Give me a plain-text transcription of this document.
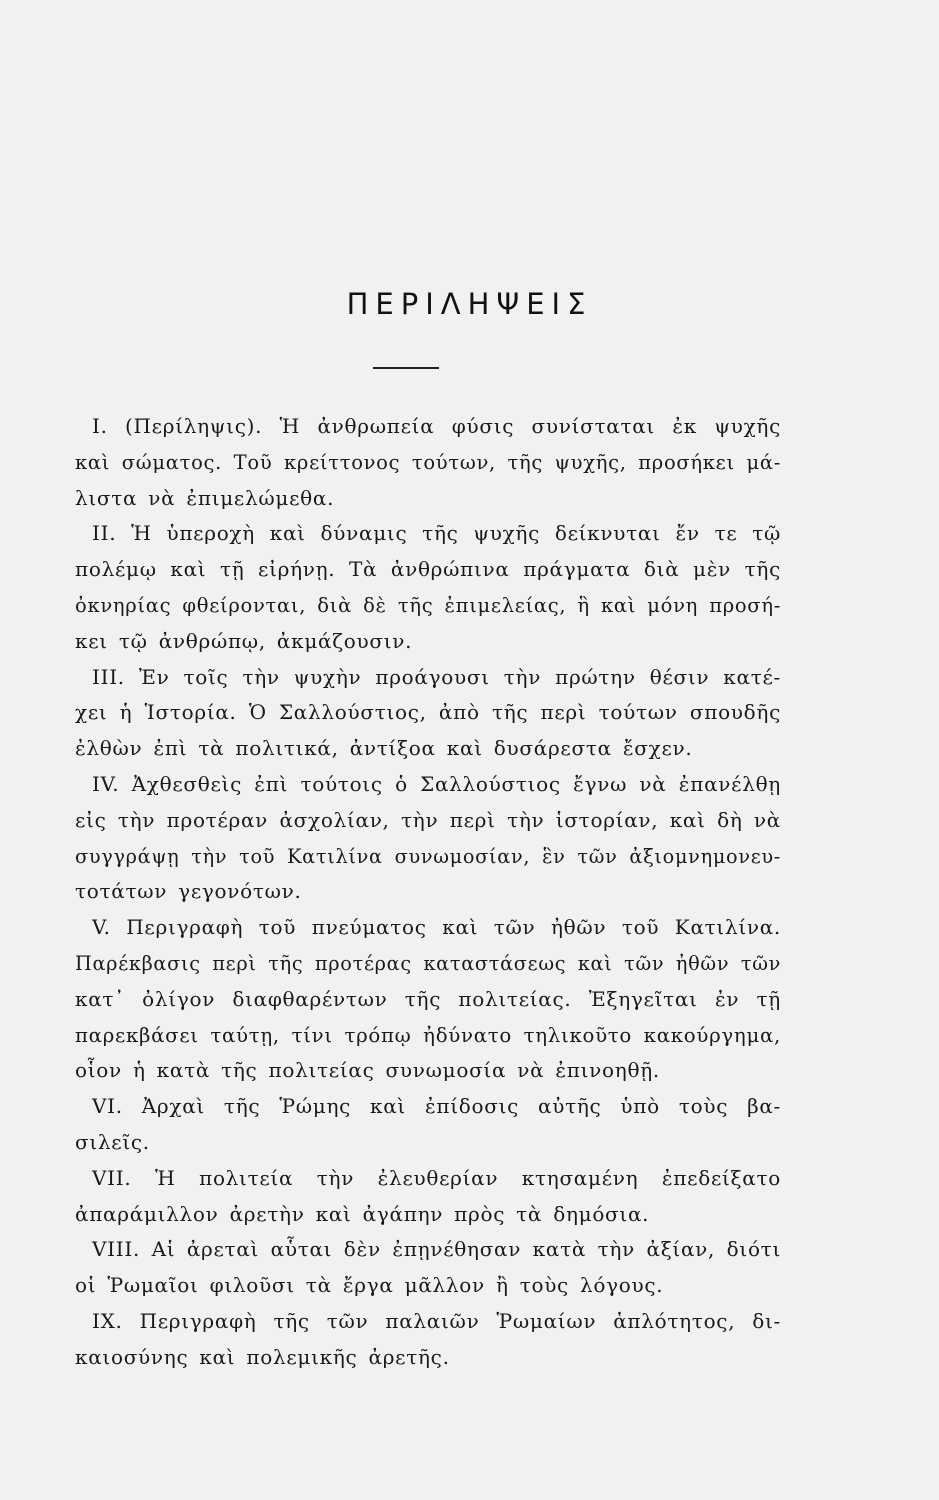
ΠΕΡΙΛΗΨΕΙΣ
I. (Περίληψις). Ἡ ἀνθρωπεία φύσις συνίσταται ἐκ ψυχῆς
καὶ σώματος. Τοῦ κρείττονος τούτων, τῆς ψυχῆς, προσήκει μά-
λιστα νὰ ἐπιμελώμεθα.
II. Ἡ ὑπεροχὴ καὶ δύναμις τῆς ψυχῆς δείκνυται ἔν τε τῷ
πολέμῳ καὶ τῇ εἰρήνῃ. Τὰ ἀνθρώπινα πράγματα διὰ μὲν τῆς
ὀκνηρίας φθείρονται, διὰ δὲ τῆς ἐπιμελείας, ἣ καὶ μόνη προσή-
κει τῷ ἀνθρώπῳ, ἀκμάζουσιν.
III. Ἐν τοῖς τὴν ψυχὴν προάγουσι τὴν πρώτην θέσιν κατέ-
χει ἡ Ἱστορία. Ὁ Σαλλούστιος, ἀπὸ τῆς περὶ τούτων σπουδῆς
ἐλθὼν ἐπὶ τὰ πολιτικά, ἀντίξοα καὶ δυσάρεστα ἔσχεν.
IV. Ἀχθεσθεὶς ἐπὶ τούτοις ὁ Σαλλούστιος ἔγνω νὰ ἐπανέλθῃ
εἰς τὴν προτέραν ἀσχολίαν, τὴν περὶ τὴν ἱστορίαν, καὶ δὴ νὰ
συγγράψῃ τὴν τοῦ Κατιλίνα συνωμοσίαν, ἓν τῶν ἀξιομνημονευ-
τοτάτων γεγονότων.
V. Περιγραφὴ τοῦ πνεύματος καὶ τῶν ἠθῶν τοῦ Κατιλίνα.
Παρέκβασις περὶ τῆς προτέρας καταστάσεως καὶ τῶν ἠθῶν τῶν
κατ᾽ ὀλίγον διαφθαρέντων τῆς πολιτείας. Ἐξηγεῖται ἐν τῇ
παρεκβάσει ταύτῃ, τίνι τρόπῳ ἠδύνατο τηλικοῦτο κακούργημα,
οἷον ἡ κατὰ τῆς πολιτείας συνωμοσία νὰ ἐπινοηθῇ.
VI. Ἀρχαὶ τῆς Ῥώμης καὶ ἐπίδοσις αὐτῆς ὑπὸ τοὺς βα-
σιλεῖς.
VII. Ἡ πολιτεία τὴν ἐλευθερίαν κτησαμένη ἐπεδείξατο
ἀπαράμιλλον ἀρετὴν καὶ ἀγάπην πρὸς τὰ δημόσια.
VIII. Αἱ ἀρεταὶ αὗται δὲν ἐπῃνέθησαν κατὰ τὴν ἀξίαν, διότι
οἱ Ῥωμαῖοι φιλοῦσι τὰ ἔργα μᾶλλον ἢ τοὺς λόγους.
IX. Περιγραφὴ τῆς τῶν παλαιῶν Ῥωμαίων ἁπλότητος, δι-
καιοσύνης καὶ πολεμικῆς ἀρετῆς.
